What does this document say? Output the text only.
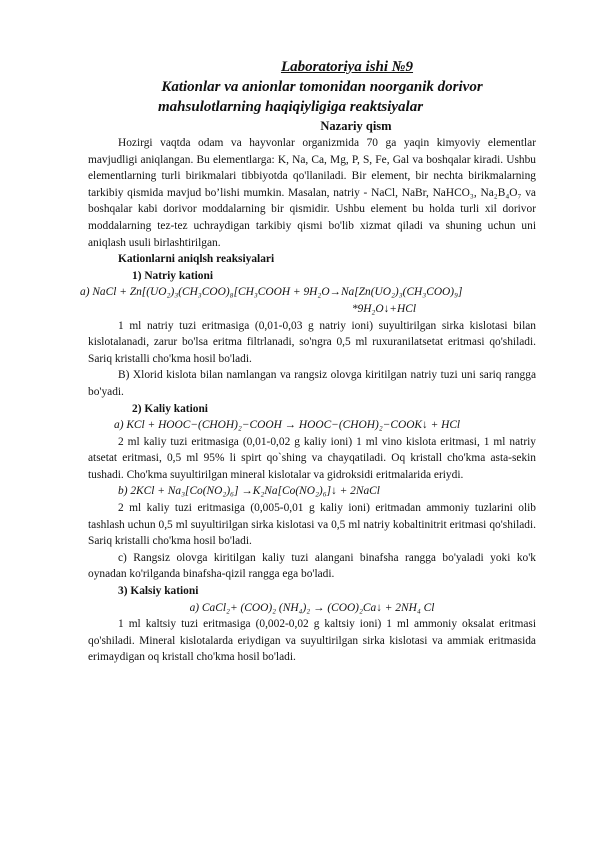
Laboratoriya ishi №9
Kationlar va anionlar tomonidan noorganik dorivor
mahsulotlarning haqiqiyligiga reaktsiyalar
Nazariy qism

Hozirgi vaqtda odam va hayvonlar organizmida 70 ga yaqin kimyoviy elementlar mavjudligi aniqlangan. Bu elementlarga: K, Na, Ca, Mg, P, S, Fe, Gal va boshqalar kiradi. Ushbu elementlarning turli birikmalari tibbiyotda qo'llaniladi. Bir element, bir nechta birikmalarning tarkibiy qismida mavjud bo’lishi mumkin. Masalan, natriy - NaCl, NaBr, NaHCO₃, Na₂B₄O₇ va boshqalar kabi dorivor moddalarning bir qismidir. Ushbu element bu holda turli xil dorivor moddalarning tez-tez uchraydigan tarkibiy qismi bo'lib xizmat qiladi va shuning uchun uni aniqlash usuli birlashtirilgan.

Kationlarni aniqlsh reaksiyalari
1) Natriy kationi
a) NaCl + Zn[(UO₂)₃(CH₃COO)₈[CH₃COOH + 9H₂O→Na[Zn(UO₂)₃(CH₃COO)₉]
*9H₂O↓+HCl

1 ml natriy tuzi eritmasiga (0,01-0,03 g natriy ioni) suyultirilgan sirka kislotasi bilan kislotalanadi, zarur bo'lsa eritma filtrlanadi, so'ngra 0,5 ml ruxuranilatsetat eritmasi qo'shiladi. Sariq kristalli cho'kma hosil bo'ladi.

B) Xlorid kislota bilan namlangan va rangsiz olovga kiritilgan natriy tuzi uni sariq rangga bo'yadi.

2) Kaliy kationi
a) KCl + HOOC−(CHOH)₂−COOH → HOOC−(CHOH)₂−COOK↓ + HCl

2 ml kaliy tuzi eritmasiga (0,01-0,02 g kaliy ioni) 1 ml vino kislota eritmasi, 1 ml natriy atsetat eritmasi, 0,5 ml 95% li spirt qo`shing va chayqatiladi. Oq kristall cho'kma asta-sekin tushadi. Cho'kma suyultirilgan mineral kislotalar va gidroksidi eritmalarida eriydi.

b) 2KCl + Na₃[Co(NO₂)₆] →K₂Na[Co(NO₂)₆]↓ + 2NaCl

2 ml kaliy tuzi eritmasiga (0,005-0,01 g kaliy ioni) eritmadan ammoniy tuzlarini olib tashlash uchun 0,5 ml suyultirilgan sirka kislotasi va 0,5 ml natriy kobaltinitrit eritmasi qo'shiladi. Sariq kristalli cho'kma hosil bo'ladi.

c) Rangsiz olovga kiritilgan kaliy tuzi alangani binafsha rangga bo'yaladi yoki ko'k oynadan ko'rilganda binafsha-qizil rangga ega bo'ladi.

3) Kalsiy kationi
a) CaCl₂+ (COO)₂ (NH₄)₂ → (COO)₂Ca↓ + 2NH₄ Cl

1 ml kaltsiy tuzi eritmasiga (0,002-0,02 g kaltsiy ioni) 1 ml ammoniy oksalat eritmasi qo'shiladi. Mineral kislotalarda eriydigan va suyultirilgan sirka kislotasi va ammiak eritmasida erimaydigan oq kristall cho'kma hosil bo'ladi.
